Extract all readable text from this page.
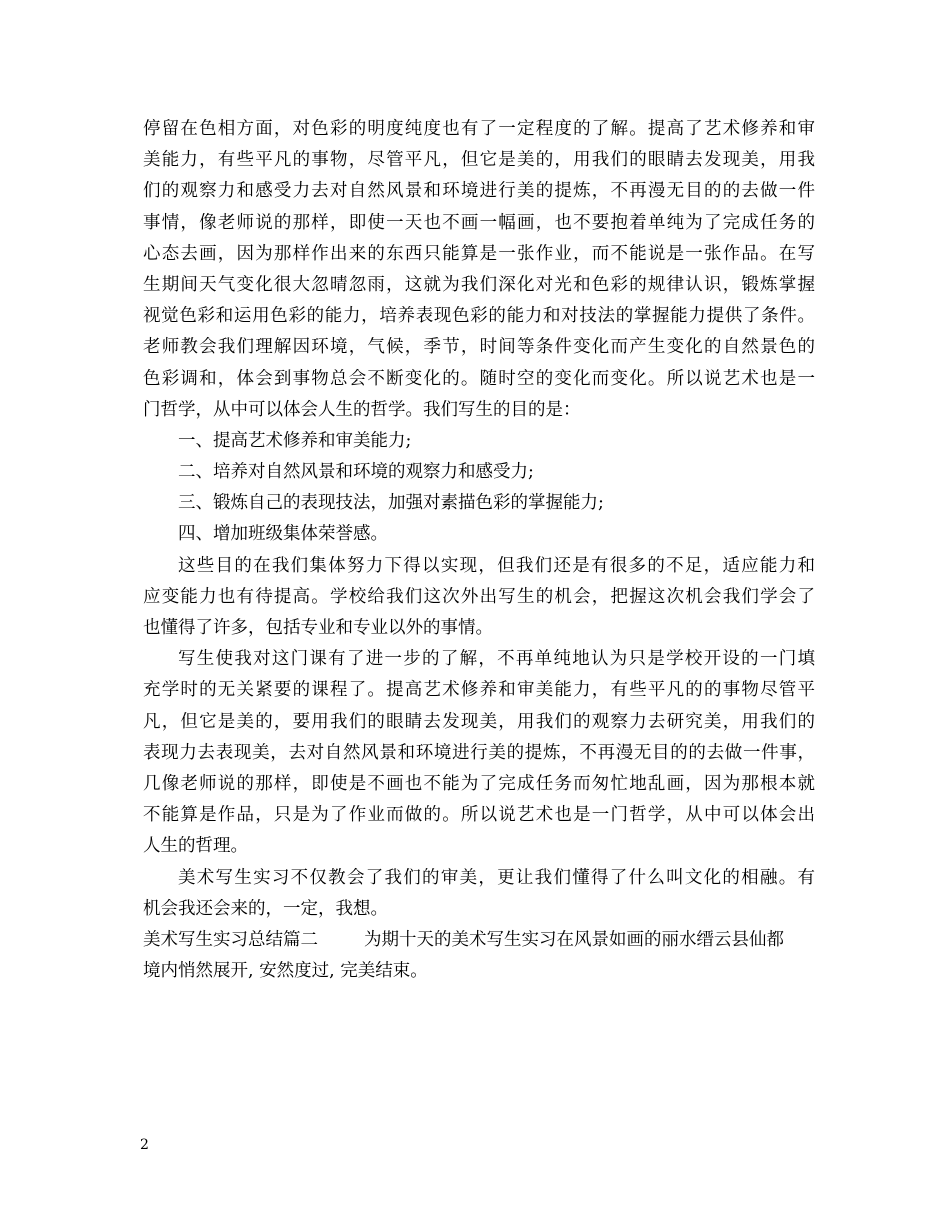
停留在色相方面，对色彩的明度纯度也有了一定程度的了解。提高了艺术修养和审
美能力，有些平凡的事物，尽管平凡，但它是美的，用我们的眼睛去发现美，用我
们的观察力和感受力去对自然风景和环境进行美的提炼，不再漫无目的的去做一件
事情，像老师说的那样，即使一天也不画一幅画，也不要抱着单纯为了完成任务的
心态去画，因为那样作出来的东西只能算是一张作业，而不能说是一张作品。在写
生期间天气变化很大忽晴忽雨，这就为我们深化对光和色彩的规律认识，锻炼掌握
视觉色彩和运用色彩的能力，培养表现色彩的能力和对技法的掌握能力提供了条件。
老师教会我们理解因环境，气候，季节，时间等条件变化而产生变化的自然景色的
色彩调和，体会到事物总会不断变化的。随时空的变化而变化。所以说艺术也是一
门哲学，从中可以体会人生的哲学。我们写生的目的是：
一、提高艺术修养和审美能力;
二、培养对自然风景和环境的观察力和感受力;
三、锻炼自己的表现技法，加强对素描色彩的掌握能力;
四、增加班级集体荣誉感。
这些目的在我们集体努力下得以实现，但我们还是有很多的不足，适应能力和
应变能力也有待提高。学校给我们这次外出写生的机会，把握这次机会我们学会了
也懂得了许多，包括专业和专业以外的事情。
写生使我对这门课有了进一步的了解，不再单纯地认为只是学校开设的一门填
充学时的无关紧要的课程了。提高艺术修养和审美能力，有些平凡的的事物尽管平
凡，但它是美的，要用我们的眼睛去发现美，用我们的观察力去研究美，用我们的
表现力去表现美，去对自然风景和环境进行美的提炼，不再漫无目的的去做一件事，
几像老师说的那样，即使是不画也不能为了完成任务而匆忙地乱画，因为那根本就
不能算是作品，只是为了作业而做的。所以说艺术也是一门哲学，从中可以体会出
人生的哲理。
美术写生实习不仅教会了我们的审美，更让我们懂得了什么叫文化的相融。有
机会我还会来的，一定，我想。
美术写生实习总结篇二	为期十天的美术写生实习在风景如画的丽水缙云县仙都
境内悄然展开, 安然度过, 完美结束。
2
